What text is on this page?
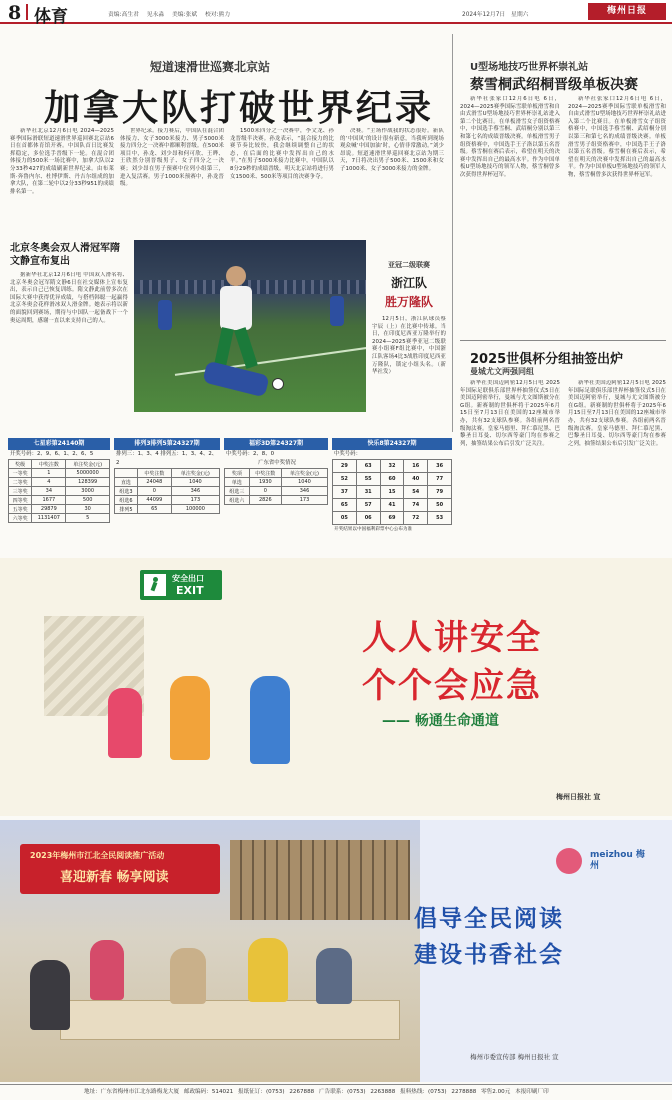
8 体育	责编:高生君 见永淼 美编:张斌 校对:熊力	2024年12月7日 星期六	梅州日报
短道速滑世巡赛北京站
加拿大队打破世界纪录

新华社北京12月6日电 2024—2025赛季国际滑联短道速滑世界巡回赛北京站6日在首都体育馆开赛。中国队首日比赛发挥稳定，多位选手晋级下一轮。在混合团体接力的500米一场比赛中，加拿大队以2分33秒427的成绩刷新世界纪录。由布莱斯·奔鲁内尔、杜博伊斯、丹吉尔组成的加拿大队，在第二轮中以2分33秒951的成绩排名第一。

世界纪录。接力赛后，中国队在混合团体接力、女子3000米接力、男子5000米接力四分之一决赛中都顺利晋级。在500米项目中，孙龙、刘少昂和何可欣、王晔、王欣然分别晋级男子、女子四分之一决赛；刘少昂在男子预赛中位列小组第三，进入复活赛。男子1000米预赛中，孙龙晋级。

1500米四分之一决赛中，李文龙、孙龙晋级半决赛。孙龙表示，“混合接力的比赛节奏比较快，我会继续调整自己的状态，在后面的比赛中发挥出自己的水平。”在男子5000米接力比赛中，中国队以8分29秒的成绩晋级。明天北京站将进行男女1500米、500米等项目的决赛争夺。

决赛。“主场作战我的状态很好。新队的‘中国风’的设计很有新意，当我听到现场观众喊‘中国加油’时，心情非常激动。”刘少昂说。短道速滑世界巡回赛北京站为期三天，7日将决出男子500米、1500米和女子1000米、女子3000米接力的金牌。

北京冬奥会双人滑冠军隋文静宣布复出

据新华社北京12月6日电 中国双人滑名将、北京冬奥会冠军隋文静6日在社交媒体上宣布复出，表示自己已恢复训练。隋文静此前曾多次在国际大赛中获得优异成绩，与搭档韩聪一起赢得北京冬奥会花样滑冰双人滑金牌。她表示将以新的面貌回到赛场，期待与中国队一起备战下一个奥运周期，感谢一直以来支持自己的人。

亚冠二级联赛
浙江队
胜万隆队

12月5日，浙江队球员蔡宇辰（上）在比赛中传球。当日，在印度尼西亚万隆举行的2024—2025赛季亚冠二级联赛小组赛F组比赛中，中国浙江队客场4比3战胜印度尼西亚万隆队，锁定小组头名。（新华社发）

U型场地技巧世界杯崇礼站
蔡雪桐武绍桐晋级单板决赛

新华社张家口12月6日电 6日，2024—2025赛季国际雪联单板滑雪和自由式滑雪U型场地技巧世界杯崇礼站进入第二个比赛日。在单板滑雪女子组资格赛中，中国选手蔡雪桐、武绍桐分别以第三和第七名的成绩晋级决赛。单板滑雪男子组资格赛中，中国选手王子洛以第五名晋级。蔡雪桐在赛后表示，希望在明天的决赛中发挥出自己的最高水平。作为中国单板U型场地技巧的领军人物，蔡雪桐曾多次获得世界杯冠军。

新华社张家口12月6日电 6日，2024—2025赛季国际雪联单板滑雪和自由式滑雪U型场地技巧世界杯崇礼站进入第二个比赛日。在单板滑雪女子组资格赛中，中国选手蔡雪桐、武绍桐分别以第三和第七名的成绩晋级决赛。单板滑雪男子组资格赛中，中国选手王子洛以第五名晋级。蔡雪桐在赛后表示，希望在明天的决赛中发挥出自己的最高水平。作为中国单板U型场地技巧的领军人物，蔡雪桐曾多次获得世界杯冠军。

2025世俱杯分组抽签出炉
曼城尤文两强同组

新华社美国迈阿密12月5日电 2025年国际足联俱乐部世界杯抽签仪式5日在美国迈阿密举行，曼城与尤文图斯被分在G组。新赛制的世俱杯将于2025年6月15日至7月13日在美国的12座城市举办，共有32支球队参赛。各组前两名晋级淘汰赛。皇家马德里、拜仁慕尼黑、巴黎圣日耳曼、切尔西等豪门均在参赛之列，抽签结果公布后引发广泛关注。

新华社美国迈阿密12月5日电 2025年国际足联俱乐部世界杯抽签仪式5日在美国迈阿密举行，曼城与尤文图斯被分在G组。新赛制的世俱杯将于2025年6月15日至7月13日在美国的12座城市举办，共有32支球队参赛。各组前两名晋级淘汰赛。皇家马德里、拜仁慕尼黑、巴黎圣日耳曼、切尔西等豪门均在参赛之列，抽签结果公布后引发广泛关注。

七星彩第24140期
开奖号码：2、9、6、1、2、6、5
奖级	中奖注数	单注奖金(元)
一等奖	1	5000000
二等奖	4	128399
三等奖	34	3000
四等奖	1677	500
五等奖	29879	30
六等奖	1131407	5
排列3排列5第24327期
排列三：1、3、4 排列五：1、3、4、2、2
	中奖注数	单注奖金(元)
直选	24048	1040
组选3	0	346
组选6	44099	173
排列5	65	100000
福彩3D第24327期
中奖号码：2、8、0
广东省中奖情况
奖项	中奖注数	单注奖金(元)
单选	1930	1040
组选三	0	346
组选六	2826	173
快乐8第24327期
中奖号码：
29	63	32	16	36
52	55	60	40	77
37	31	15	54	79
65	57	41	74	50
05	06	69	72	53
开奖结果以中国福利彩票中心公布为准
安全出口
EXIT
人人讲安全
个个会应急
—— 畅通生命通道
梅州日报社 宣
2023年梅州市江北全民阅读推广活动
喜迎新春 畅享阅读
meizhou 梅州
倡导全民阅读
建设书香社会
梅州市委宣传部 梅州日报社 宣
地址：广东省梅州市江北东路梅龙大厦 邮政编码：514021 报纸征订：(0753) 2267888 广告联系：(0753) 2263888 报料热线：(0753) 2278888 零售2.00元 本报印刷厂印
